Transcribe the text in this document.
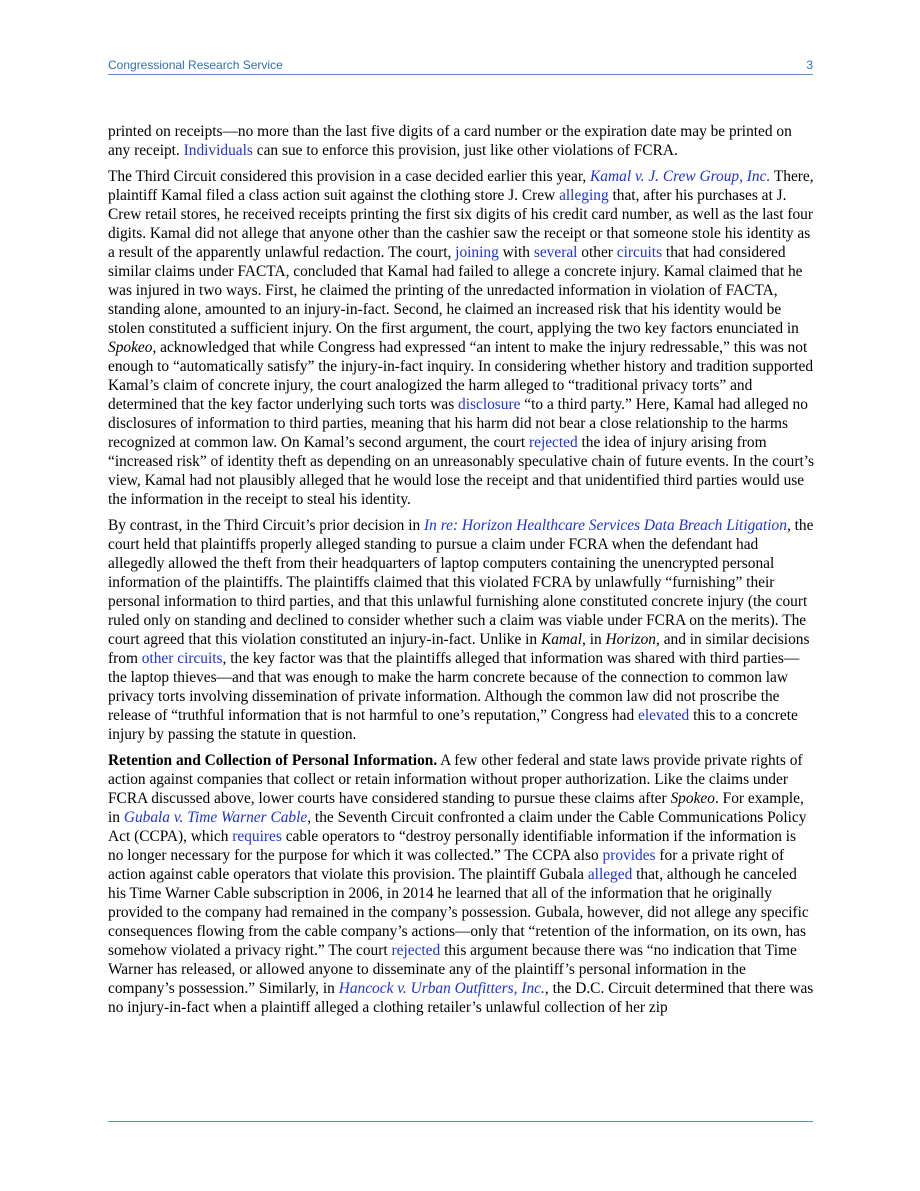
Congressional Research Service	3

printed on receipts—no more than the last five digits of a card number or the expiration date may be printed on any receipt. Individuals can sue to enforce this provision, just like other violations of FCRA.

The Third Circuit considered this provision in a case decided earlier this year, Kamal v. J. Crew Group, Inc. There, plaintiff Kamal filed a class action suit against the clothing store J. Crew alleging that, after his purchases at J. Crew retail stores, he received receipts printing the first six digits of his credit card number, as well as the last four digits. Kamal did not allege that anyone other than the cashier saw the receipt or that someone stole his identity as a result of the apparently unlawful redaction. The court, joining with several other circuits that had considered similar claims under FACTA, concluded that Kamal had failed to allege a concrete injury. Kamal claimed that he was injured in two ways. First, he claimed the printing of the unredacted information in violation of FACTA, standing alone, amounted to an injury-in-fact. Second, he claimed an increased risk that his identity would be stolen constituted a sufficient injury. On the first argument, the court, applying the two key factors enunciated in Spokeo, acknowledged that while Congress had expressed “an intent to make the injury redressable,” this was not enough to “automatically satisfy” the injury-in-fact inquiry. In considering whether history and tradition supported Kamal’s claim of concrete injury, the court analogized the harm alleged to “traditional privacy torts” and determined that the key factor underlying such torts was disclosure “to a third party.” Here, Kamal had alleged no disclosures of information to third parties, meaning that his harm did not bear a close relationship to the harms recognized at common law. On Kamal’s second argument, the court rejected the idea of injury arising from “increased risk” of identity theft as depending on an unreasonably speculative chain of future events. In the court’s view, Kamal had not plausibly alleged that he would lose the receipt and that unidentified third parties would use the information in the receipt to steal his identity.

By contrast, in the Third Circuit’s prior decision in In re: Horizon Healthcare Services Data Breach Litigation, the court held that plaintiffs properly alleged standing to pursue a claim under FCRA when the defendant had allegedly allowed the theft from their headquarters of laptop computers containing the unencrypted personal information of the plaintiffs. The plaintiffs claimed that this violated FCRA by unlawfully “furnishing” their personal information to third parties, and that this unlawful furnishing alone constituted concrete injury (the court ruled only on standing and declined to consider whether such a claim was viable under FCRA on the merits). The court agreed that this violation constituted an injury-in-fact. Unlike in Kamal, in Horizon, and in similar decisions from other circuits, the key factor was that the plaintiffs alleged that information was shared with third parties—the laptop thieves—and that was enough to make the harm concrete because of the connection to common law privacy torts involving dissemination of private information. Although the common law did not proscribe the release of “truthful information that is not harmful to one’s reputation,” Congress had elevated this to a concrete injury by passing the statute in question.

Retention and Collection of Personal Information. A few other federal and state laws provide private rights of action against companies that collect or retain information without proper authorization. Like the claims under FCRA discussed above, lower courts have considered standing to pursue these claims after Spokeo. For example, in Gubala v. Time Warner Cable, the Seventh Circuit confronted a claim under the Cable Communications Policy Act (CCPA), which requires cable operators to “destroy personally identifiable information if the information is no longer necessary for the purpose for which it was collected.” The CCPA also provides for a private right of action against cable operators that violate this provision. The plaintiff Gubala alleged that, although he canceled his Time Warner Cable subscription in 2006, in 2014 he learned that all of the information that he originally provided to the company had remained in the company’s possession. Gubala, however, did not allege any specific consequences flowing from the cable company’s actions—only that “retention of the information, on its own, has somehow violated a privacy right.” The court rejected this argument because there was “no indication that Time Warner has released, or allowed anyone to disseminate any of the plaintiff’s personal information in the company’s possession.” Similarly, in Hancock v. Urban Outfitters, Inc., the D.C. Circuit determined that there was no injury-in-fact when a plaintiff alleged a clothing retailer’s unlawful collection of her zip
